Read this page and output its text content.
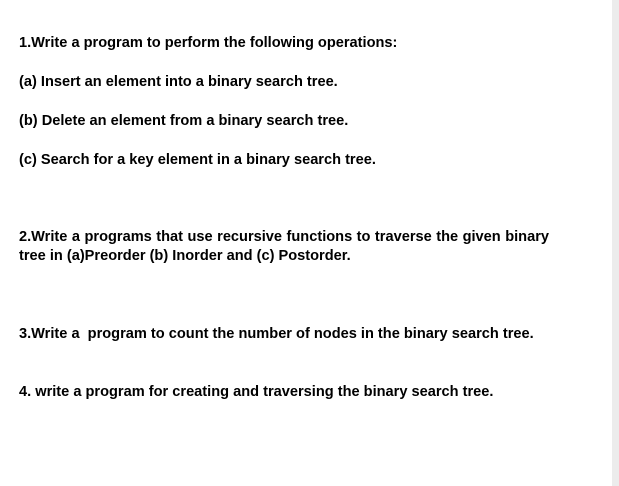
1.Write a program to perform the following operations:

(a) Insert an element into a binary search tree.

(b) Delete an element from a binary search tree.

(c) Search for a key element in a binary search tree.

2.Write a programs that use recursive functions to traverse the given binary tree in (a)Preorder (b) Inorder and (c) Postorder.

3.Write a  program to count the number of nodes in the binary search tree.

4. write a program for creating and traversing the binary search tree.
